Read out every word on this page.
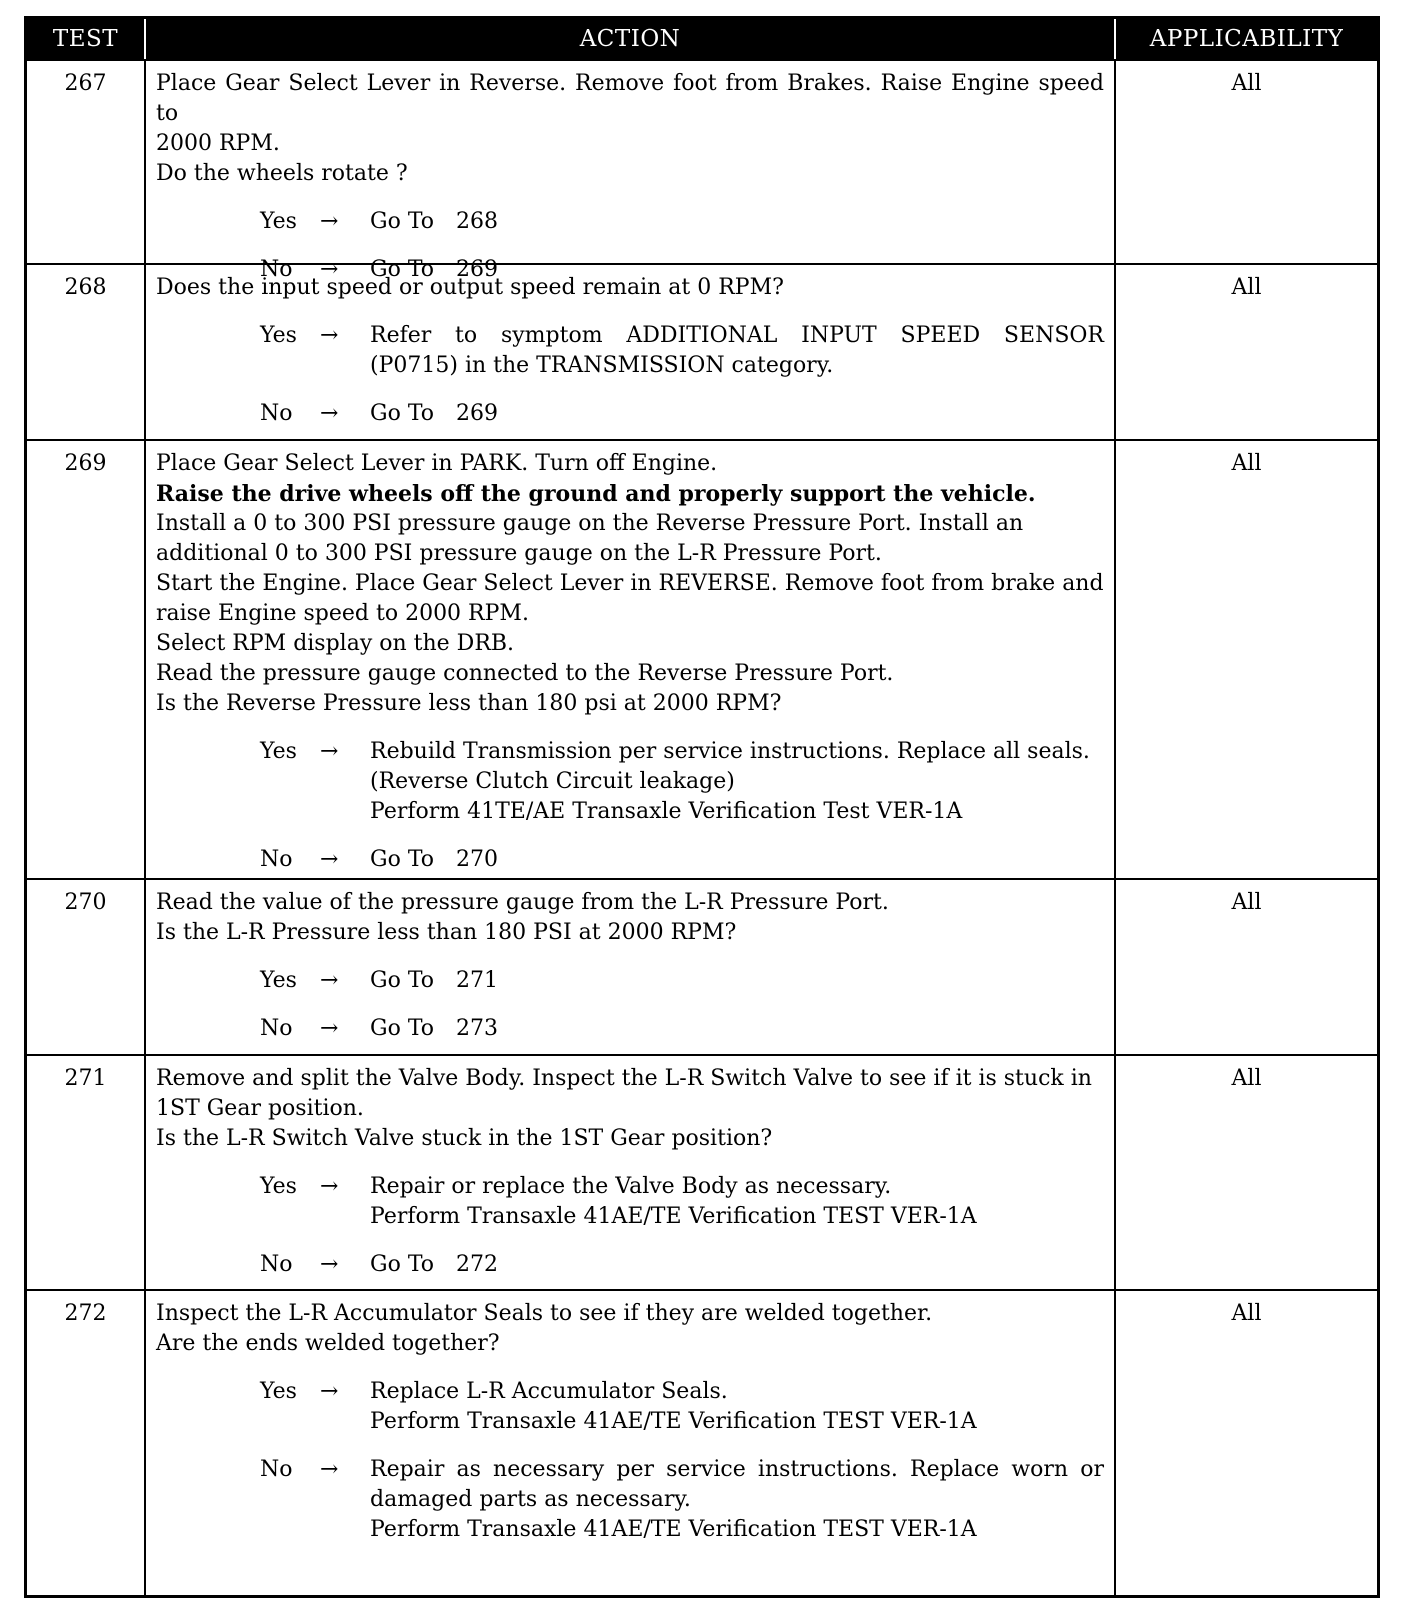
TEST	ACTION	APPLICABILITY
267	Place Gear Select Lever in Reverse. Remove foot from Brakes. Raise Engine speed to
2000 RPM.
Do the wheels rotate ?
Yes	→	Go To 268
No	→	Go To 269
All
268	Does the input speed or output speed remain at 0 RPM?
Yes	→	Refer to symptom ADDITIONAL INPUT SPEED SENSOR
(P0715) in the TRANSMISSION category.
No	→	Go To 269
All
269	Place Gear Select Lever in PARK. Turn off Engine.
Raise the drive wheels off the ground and properly support the vehicle.
Install a 0 to 300 PSI pressure gauge on the Reverse Pressure Port. Install an
additional 0 to 300 PSI pressure gauge on the L-R Pressure Port.
Start the Engine. Place Gear Select Lever in REVERSE. Remove foot from brake and
raise Engine speed to 2000 RPM.
Select RPM display on the DRB.
Read the pressure gauge connected to the Reverse Pressure Port.
Is the Reverse Pressure less than 180 psi at 2000 RPM?
Yes	→	Rebuild Transmission per service instructions. Replace all seals.
(Reverse Clutch Circuit leakage)
Perform 41TE/AE Transaxle Verification Test VER-1A
No	→	Go To 270
All
270	Read the value of the pressure gauge from the L-R Pressure Port.
Is the L-R Pressure less than 180 PSI at 2000 RPM?
Yes	→	Go To 271
No	→	Go To 273
All
271	Remove and split the Valve Body. Inspect the L-R Switch Valve to see if it is stuck in
1ST Gear position.
Is the L-R Switch Valve stuck in the 1ST Gear position?
Yes	→	Repair or replace the Valve Body as necessary.
Perform Transaxle 41AE/TE Verification TEST VER-1A
No	→	Go To 272
All
272	Inspect the L-R Accumulator Seals to see if they are welded together.
Are the ends welded together?
Yes	→	Replace L-R Accumulator Seals.
Perform Transaxle 41AE/TE Verification TEST VER-1A
No	→	Repair as necessary per service instructions. Replace worn or
damaged parts as necessary.
Perform Transaxle 41AE/TE Verification TEST VER-1A
All
